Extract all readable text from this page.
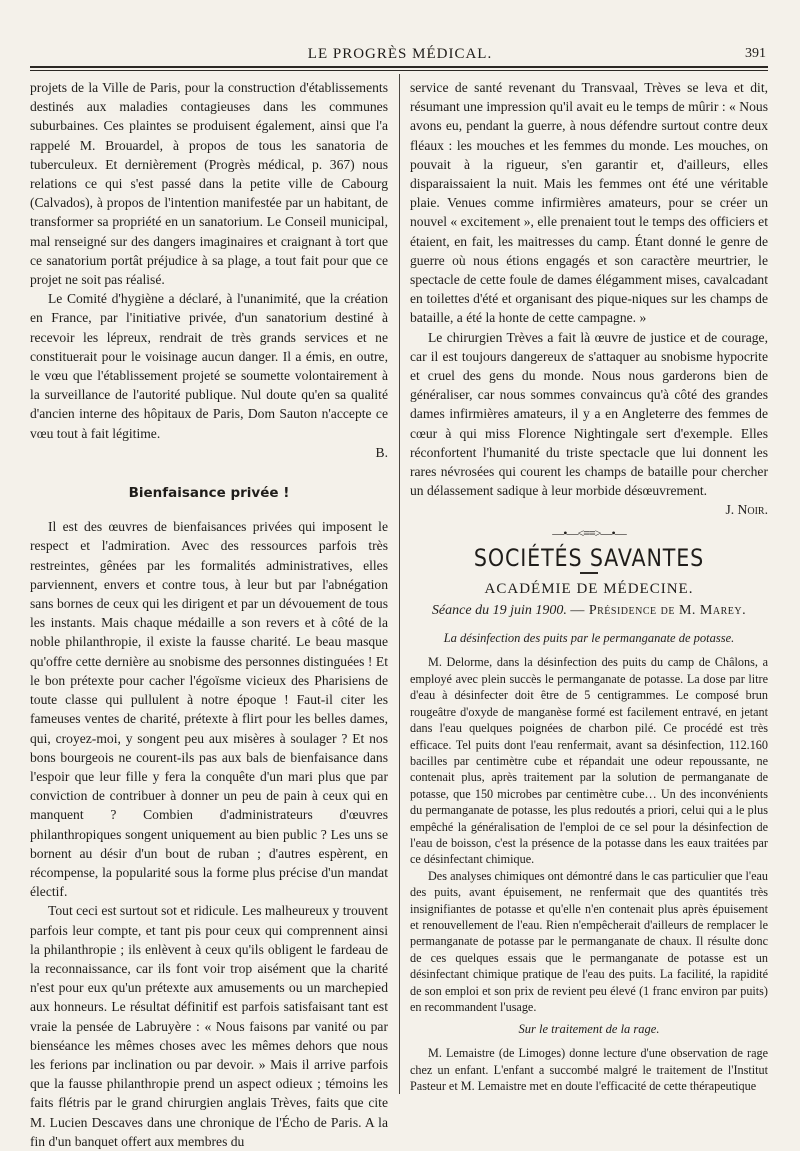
LE PROGRÈS MÉDICAL.	391

projets de la Ville de Paris, pour la construction d'établissements destinés aux maladies contagieuses dans les communes suburbaines. Ces plaintes se produisent également, ainsi que l'a rappelé M. Brouardel, à propos de tous les sanatoria de tuberculeux. Et dernièrement (Progrès médical, p. 367) nous relations ce qui s'est passé dans la petite ville de Cabourg (Calvados), à propos de l'intention manifestée par un habitant, de transformer sa propriété en un sanatorium. Le Conseil municipal, mal renseigné sur des dangers imaginaires et craignant à tort que ce sanatorium portât préjudice à sa plage, a tout fait pour que ce projet ne soit pas réalisé.

Le Comité d'hygiène a déclaré, à l'unanimité, que la création en France, par l'initiative privée, d'un sanatorium destiné à recevoir les lépreux, rendrait de très grands services et ne constituerait pour le voisinage aucun danger. Il a émis, en outre, le vœu que l'établissement projeté se soumette volontairement à la surveillance de l'autorité publique. Nul doute qu'en sa qualité d'ancien interne des hôpitaux de Paris, Dom Sauton n'accepte ce vœu tout à fait légitime.

B.

Bienfaisance privée !

Il est des œuvres de bienfaisances privées qui imposent le respect et l'admiration. Avec des ressources parfois très restreintes, gênées par les formalités administratives, elles parviennent, envers et contre tous, à leur but par l'abnégation sans bornes de ceux qui les dirigent et par un dévouement de tous les instants. Mais chaque médaille a son revers et à côté de la noble philanthropie, il existe la fausse charité. Le beau masque qu'offre cette dernière au snobisme des personnes distinguées ! Et le bon prétexte pour cacher l'égoïsme vicieux des Pharisiens de toute classe qui pullulent à notre époque ! Faut-il citer les fameuses ventes de charité, prétexte à flirt pour les belles dames, qui, croyez-moi, y songent peu aux misères à soulager ? Et nos bons bourgeois ne courent-ils pas aux bals de bienfaisance dans l'espoir que leur fille y fera la conquête d'un mari plus que par conviction de contribuer à donner un peu de pain à ceux qui en manquent ? Combien d'administrateurs d'œuvres philanthropiques songent uniquement au bien public ? Les uns se bornent au désir d'un bout de ruban ; d'autres espèrent, en récompense, la popularité sous la forme plus précise d'un mandat électif.

Tout ceci est surtout sot et ridicule. Les malheureux y trouvent parfois leur compte, et tant pis pour ceux qui comprennent ainsi la philanthropie ; ils enlèvent à ceux qu'ils obligent le fardeau de la reconnaissance, car ils font voir trop aisément que la charité n'est pour eux qu'un prétexte aux amusements ou un marchepied aux honneurs. Le résultat définitif est parfois satisfaisant tant est vraie la pensée de Labruyère : « Nous faisons par vanité ou par bienséance les mêmes choses avec les mêmes dehors que nous les ferions par inclination ou par devoir. » Mais il arrive parfois que la fausse philanthropie prend un aspect odieux ; témoins les faits flétris par le grand chirurgien anglais Trèves, faits que cite M. Lucien Descaves dans une chronique de l'Écho de Paris. A la fin d'un banquet offert aux membres du

service de santé revenant du Transvaal, Trèves se leva et dit, résumant une impression qu'il avait eu le temps de mûrir : « Nous avons eu, pendant la guerre, à nous défendre surtout contre deux fléaux : les mouches et les femmes du monde. Les mouches, on pouvait à la rigueur, s'en garantir et, d'ailleurs, elles disparaissaient la nuit. Mais les femmes ont été une véritable plaie. Venues comme infirmières amateurs, pour se créer un nouvel « excitement », elle prenaient tout le temps des officiers et étaient, en fait, les maitresses du camp. Étant donné le genre de guerre où nous étions engagés et son caractère meurtrier, le spectacle de cette foule de dames élégamment mises, cavalcadant en toilettes d'été et organisant des pique-niques sur les champs de bataille, a été la honte de cette campagne. »

Le chirurgien Trèves a fait là œuvre de justice et de courage, car il est toujours dangereux de s'attaquer au snobisme hypocrite et cruel des gens du monde. Nous nous garderons bien de généraliser, car nous sommes convaincus qu'à côté des grandes dames infirmières amateurs, il y a en Angleterre des femmes de cœur à qui miss Florence Nightingale sert d'exemple. Elles réconfortent l'humanité du triste spectacle que lui donnent les rares névrosées qui courent les champs de bataille pour chercher un délassement sadique à leur morbide désœuvrement.

J. Noir.

—•—<≡≡>—•—
SOCIÉTÉS SAVANTES
ACADÉMIE DE MÉDECINE.
Séance du 19 juin 1900. — Présidence de M. Marey.
La désinfection des puits par le permanganate de potasse.

M. Delorme, dans la désinfection des puits du camp de Châlons, a employé avec plein succès le permanganate de potasse. La dose par litre d'eau à désinfecter doit être de 5 centigrammes. Le composé brun rougeâtre d'oxyde de manganèse formé est facilement entravé, en jetant dans l'eau quelques poignées de charbon pilé. Ce procédé est très efficace. Tel puits dont l'eau renfermait, avant sa désinfection, 112.160 bacilles par centimètre cube et répandait une odeur repoussante, ne contenait plus, après traitement par la solution de permanganate de potasse, que 150 microbes par centimètre cube… Un des inconvénients du permanganate de potasse, les plus redoutés a priori, celui qui a le plus empêché la généralisation de l'emploi de ce sel pour la désinfection de l'eau de boisson, c'est la présence de la potasse dans les eaux traitées par ce désinfectant chimique.

Des analyses chimiques ont démontré dans le cas particulier que l'eau des puits, avant épuisement, ne renfermait que des quantités très insignifiantes de potasse et qu'elle n'en contenait plus après épuisement et renouvellement de l'eau. Rien n'empêcherait d'ailleurs de remplacer le permanganate de potasse par le permanganate de chaux. Il résulte donc de ces quelques essais que le permanganate de potasse est un désinfectant chimique pratique de l'eau des puits. La facilité, la rapidité de son emploi et son prix de revient peu élevé (1 franc environ par puits) en recommandent l'usage.

Sur le traitement de la rage.

M. Lemaistre (de Limoges) donne lecture d'une observation de rage chez un enfant. L'enfant a succombé malgré le traitement de l'Institut Pasteur et M. Lemaistre met en doute l'efficacité de cette thérapeutique
